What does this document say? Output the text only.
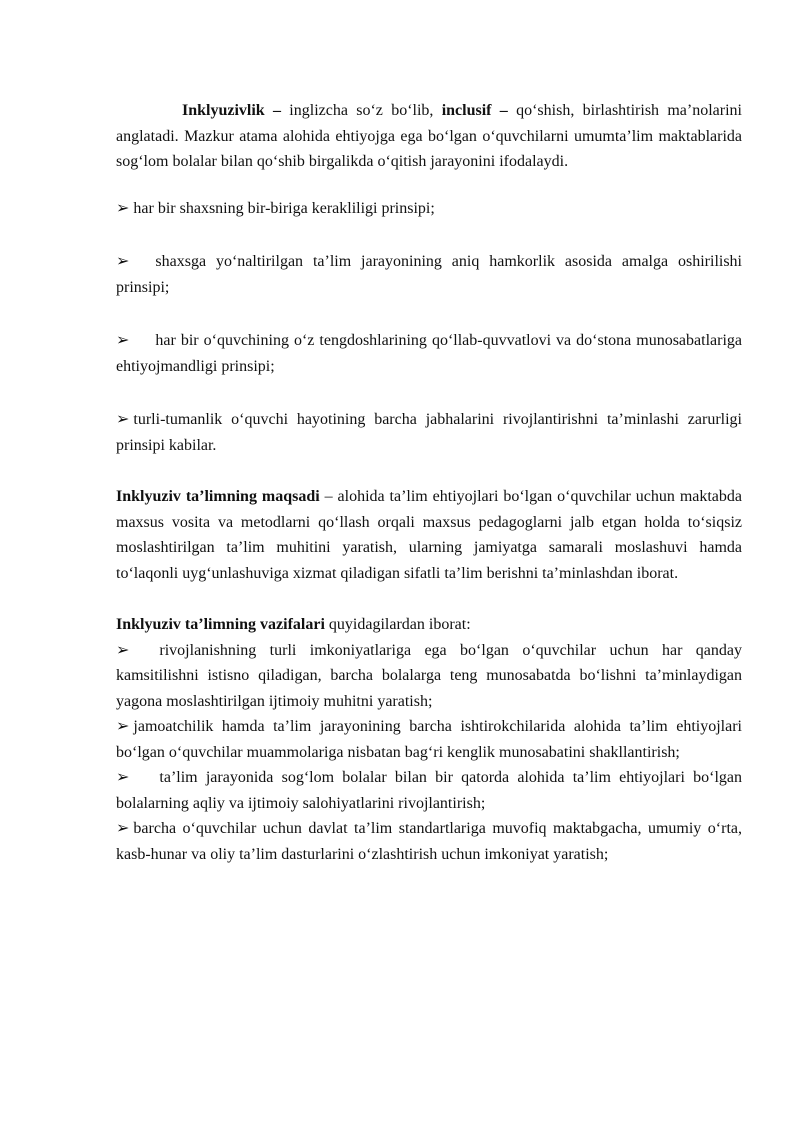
Inklyuzivlik – inglizcha so‘z bo‘lib, inclusif – qo‘shish, birlashtirish ma’nolarini anglatadi. Mazkur atama alohida ehtiyojga ega bo‘lgan o‘quvchilarni umumta’lim maktablarida sog‘lom bolalar bilan qo‘shib birgalikda o‘qitish jarayonini ifodalaydi.

➢ har bir shaxsning bir-biriga kerakliligi prinsipi;

➢ shaxsga yo‘naltirilgan ta’lim jarayonining aniq hamkorlik asosida amalga oshirilishi prinsipi;

➢ har bir o‘quvchining o‘z tengdoshlarining qo‘llab-quvvatlovi va do‘stona munosabatlariga ehtiyojmandligi prinsipi;

➢ turli-tumanlik o‘quvchi hayotining barcha jabhalarini rivojlantirishni ta’minlashi zarurligi prinsipi kabilar.

Inklyuziv ta’limning maqsadi – alohida ta’lim ehtiyojlari bo‘lgan o‘quvchilar uchun maktabda maxsus vosita va metodlarni qo‘llash orqali maxsus pedagoglarni jalb etgan holda to‘siqsiz moslashtirilgan ta’lim muhitini yaratish, ularning jamiyatga samarali moslashuvi hamda to‘laqonli uyg‘unlashuviga xizmat qiladigan sifatli ta’lim berishni ta’minlashdan iborat.

Inklyuziv ta’limning vazifalari quyidagilardan iborat:

➢ rivojlanishning turli imkoniyatlariga ega bo‘lgan o‘quvchilar uchun har qanday kamsitilishni istisno qiladigan, barcha bolalarga teng munosabatda bo‘lishni ta’minlaydigan yagona moslashtirilgan ijtimoiy muhitni yaratish;

➢ jamoatchilik hamda ta’lim jarayonining barcha ishtirokchilarida alohida ta’lim ehtiyojlari bo‘lgan o‘quvchilar muammolariga nisbatan bag‘ri kenglik munosabatini shakllantirish;

➢ ta’lim jarayonida sog‘lom bolalar bilan bir qatorda alohida ta’lim ehtiyojlari bo‘lgan bolalarning aqliy va ijtimoiy salohiyatlarini rivojlantirish;

➢ barcha o‘quvchilar uchun davlat ta’lim standartlariga muvofiq maktabgacha, umumiy o‘rta, kasb-hunar va oliy ta’lim dasturlarini o‘zlashtirish uchun imkoniyat yaratish;
